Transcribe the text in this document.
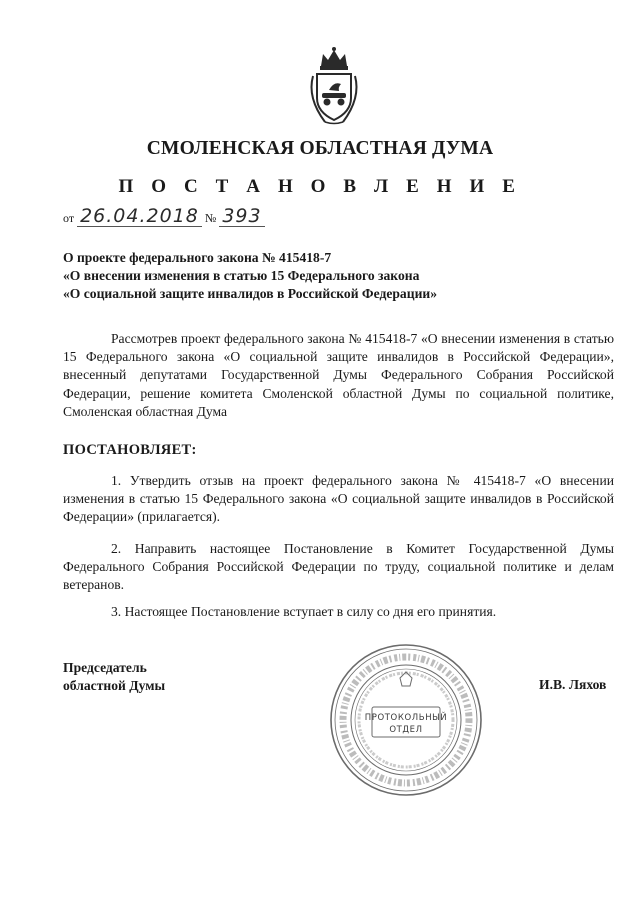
СМОЛЕНСКАЯ ОБЛАСТНАЯ ДУМА
П О С Т А Н О В Л Е Н И Е
от 26.04.2018 № 393
О проекте федерального закона № 415418-7
«О внесении изменения в статью 15 Федерального закона
«О социальной защите инвалидов в Российской Федерации»
Рассмотрев проект федерального закона № 415418-7 «О внесении изменения в статью 15 Федерального закона «О социальной защите инвалидов в Российской Федерации», внесенный депутатами Государственной Думы Федерального Собрания Российской Федерации, решение комитета Смоленской областной Думы по социальной политике, Смоленская областная Дума
ПОСТАНОВЛЯЕТ:
1. Утвердить отзыв на проект федерального закона № 415418-7 «О внесении изменения в статью 15 Федерального закона «О социальной защите инвалидов в Российской Федерации» (прилагается).
2. Направить настоящее Постановление в Комитет Государственной Думы Федерального Собрания Российской Федерации по труду, социальной политике и делам ветеранов.
3. Настоящее Постановление вступает в силу со дня его принятия.
Председатель
областной Думы
ПРОТОКОЛЬНЫЙ
ОТДЕЛ
И.В. Ляхов
